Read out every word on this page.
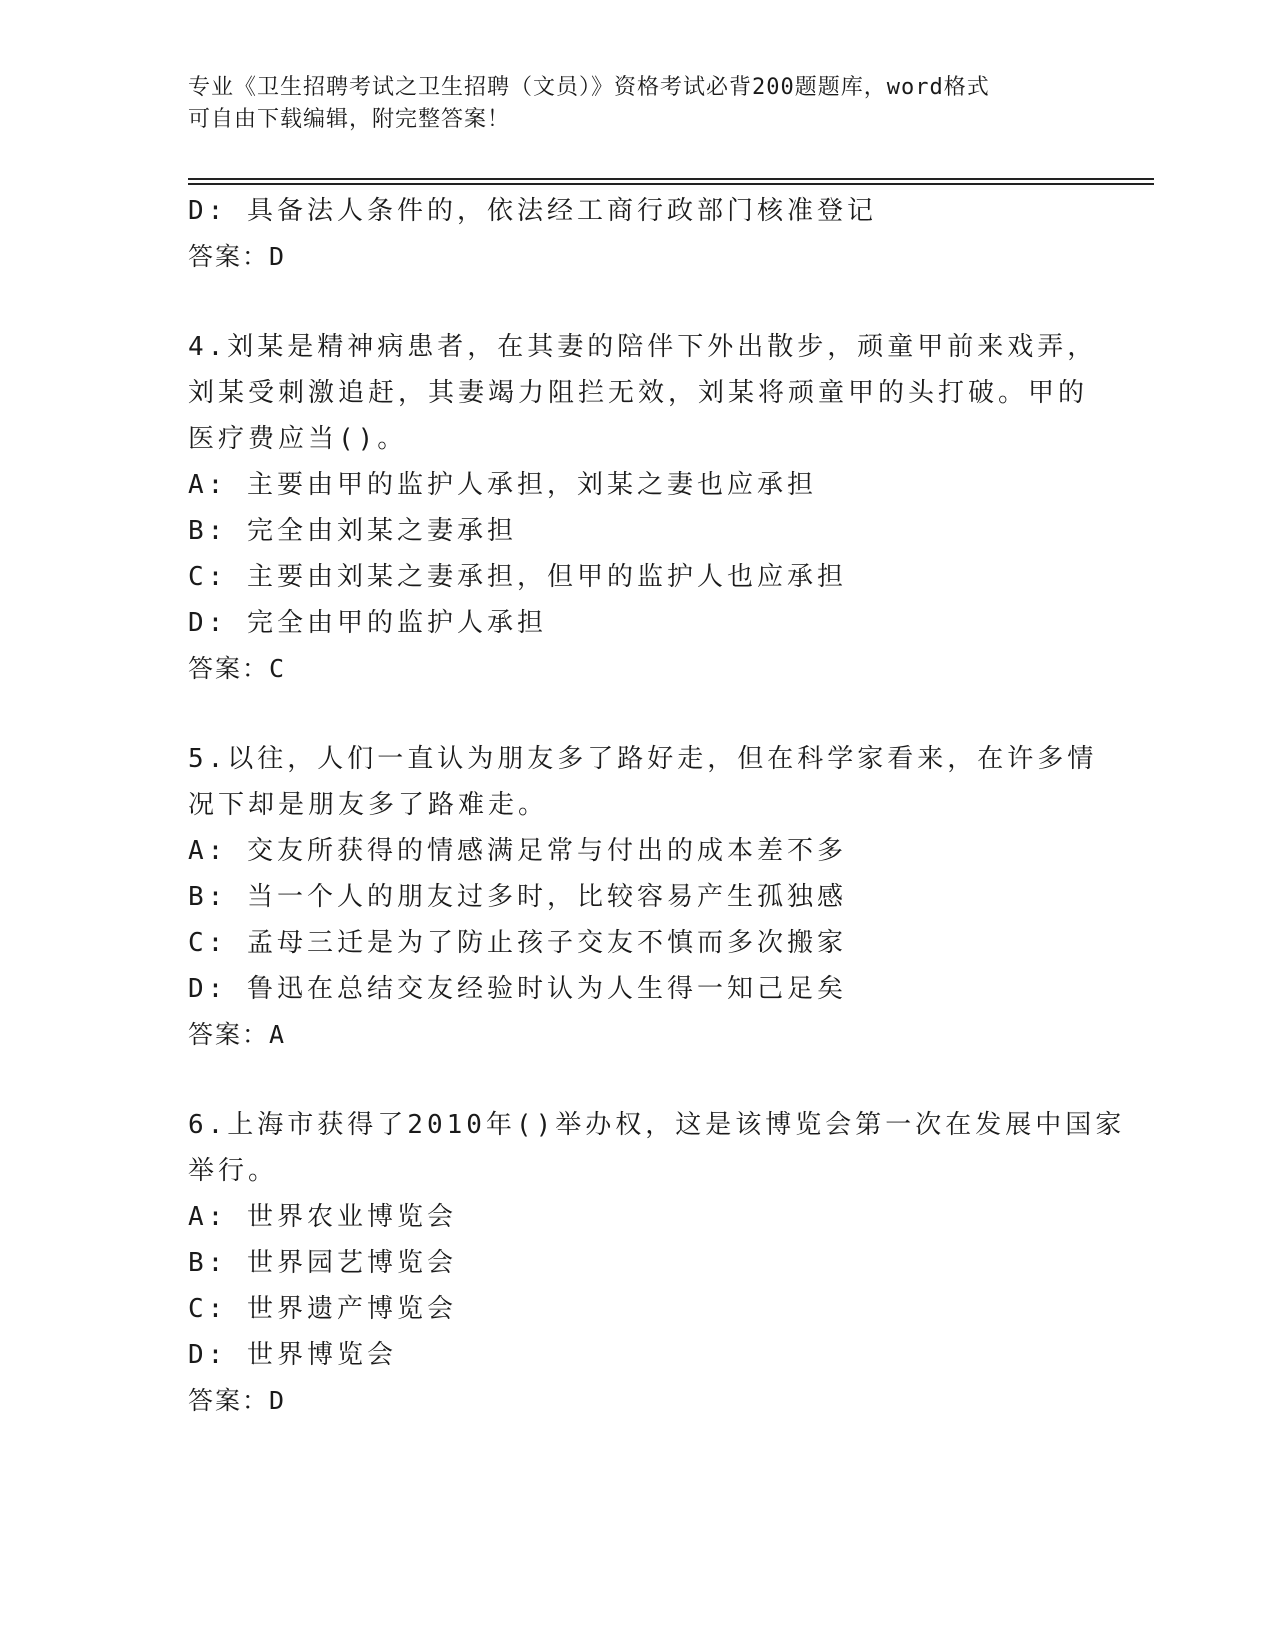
专业《卫生招聘考试之卫生招聘（文员）》资格考试必背200题题库，word格式
可自由下载编辑，附完整答案！
D: 具备法人条件的，依法经工商行政部门核准登记
答案：D
4.刘某是精神病患者，在其妻的陪伴下外出散步，顽童甲前来戏弄，
刘某受刺激追赶，其妻竭力阻拦无效，刘某将顽童甲的头打破。甲的
医疗费应当()。
A: 主要由甲的监护人承担，刘某之妻也应承担
B: 完全由刘某之妻承担
C: 主要由刘某之妻承担，但甲的监护人也应承担
D: 完全由甲的监护人承担
答案：C
5.以往，人们一直认为朋友多了路好走，但在科学家看来，在许多情
况下却是朋友多了路难走。
A: 交友所获得的情感满足常与付出的成本差不多
B: 当一个人的朋友过多时，比较容易产生孤独感
C: 孟母三迁是为了防止孩子交友不慎而多次搬家
D: 鲁迅在总结交友经验时认为人生得一知己足矣
答案：A
6.上海市获得了2010年()举办权，这是该博览会第一次在发展中国家
举行。
A: 世界农业博览会
B: 世界园艺博览会
C: 世界遗产博览会
D: 世界博览会
答案：D
